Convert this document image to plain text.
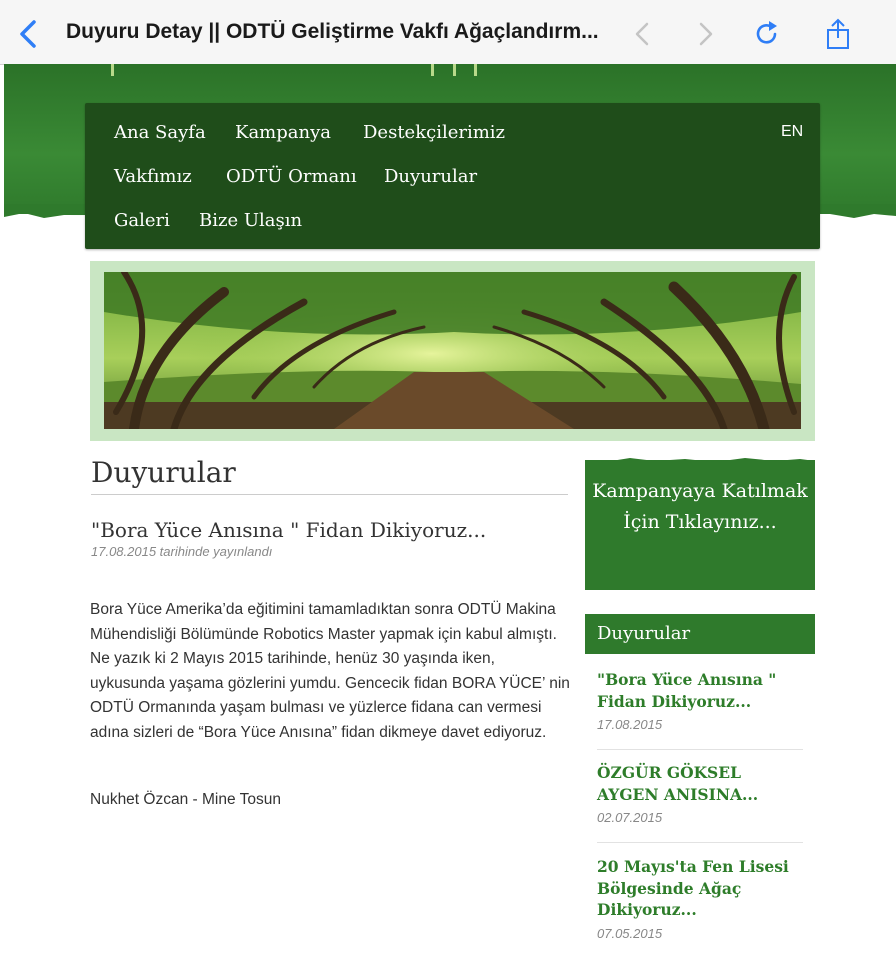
Duyuru Detay || ODTÜ Geliştirme Vakfı Ağaçlandırm...
Ana Sayfa Kampanya Destekçilerimiz
Vakfımız ODTÜ Ormanı Duyurular
Galeri Bize Ulaşın
EN
Duyurular
"Bora Yüce Anısına " Fidan Dikiyoruz...
17.08.2015 tarihinde yayınlandı
Bora Yüce Amerika’da eğitimini tamamladıktan sonra ODTÜ Makina Mühendisliği Bölümünde Robotics Master yapmak için kabul almıştı. Ne yazık ki 2 Mayıs 2015 tarihinde, henüz 30 yaşında iken, uykusunda yaşama gözlerini yumdu. Gencecik fidan BORA YÜCE’ nin ODTÜ Ormanında yaşam bulması ve yüzlerce fidana can vermesi adına sizleri de “Bora Yüce Anısına” fidan dikmeye davet ediyoruz.
Nukhet Özcan - Mine Tosun
Kampanyaya Katılmak İçin Tıklayınız...
Duyurular
"Bora Yüce Anısına " Fidan Dikiyoruz...
17.08.2015
ÖZGÜR GÖKSEL AYGEN ANISINA...
02.07.2015
20 Mayıs'ta Fen Lisesi Bölgesinde Ağaç Dikiyoruz...
07.05.2015
